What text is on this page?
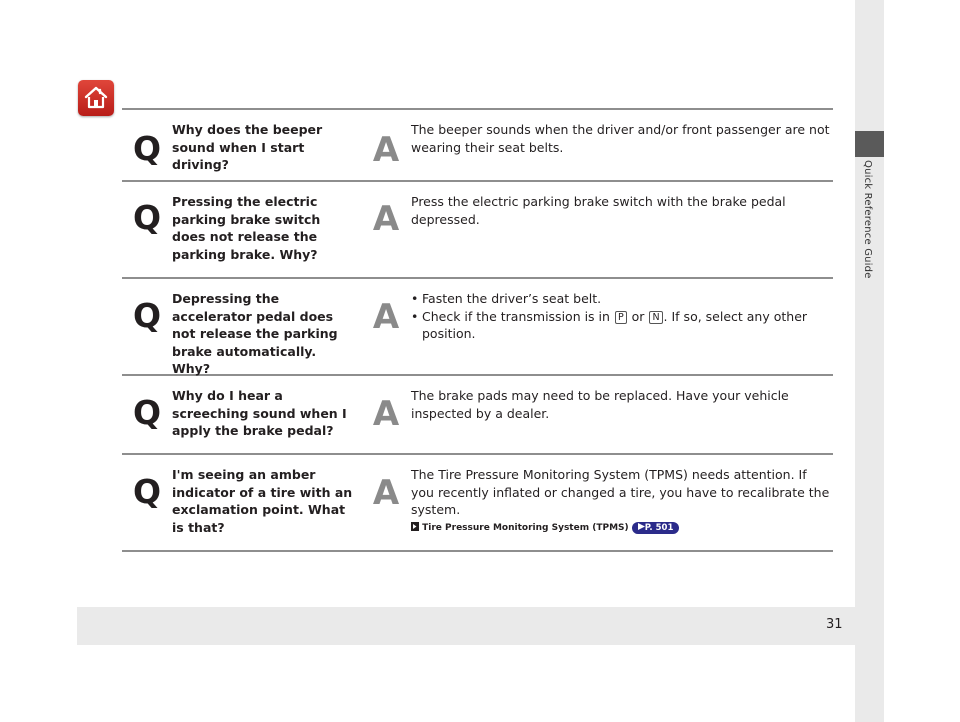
Quick Reference Guide
Q Why does the beeper sound when I start driving?	A
The beeper sounds when the driver and/or front passenger are not wearing their seat belts.
Q Pressing the electric parking brake switch does not release the parking brake. Why?
A Press the electric parking brake switch with the brake pedal depressed.
Q Depressing the accelerator pedal does not release the parking brake automatically. Why?
A • Fasten the driver’s seat belt.
• Check if the transmission is in P or N . If so, select any other position.
Q Why do I hear a screeching sound when I apply the brake pedal?	A The brake pads may need to be replaced. Have your vehicle inspected by a dealer.
Q I'm seeing an amber indicator of a tire with an exclamation point. What is that?
A The Tire Pressure Monitoring System (TPMS) needs attention. If you recently inflated or changed a tire, you have to recalibrate the system.
Tire Pressure Monitoring System (TPMS) P. 501
31
